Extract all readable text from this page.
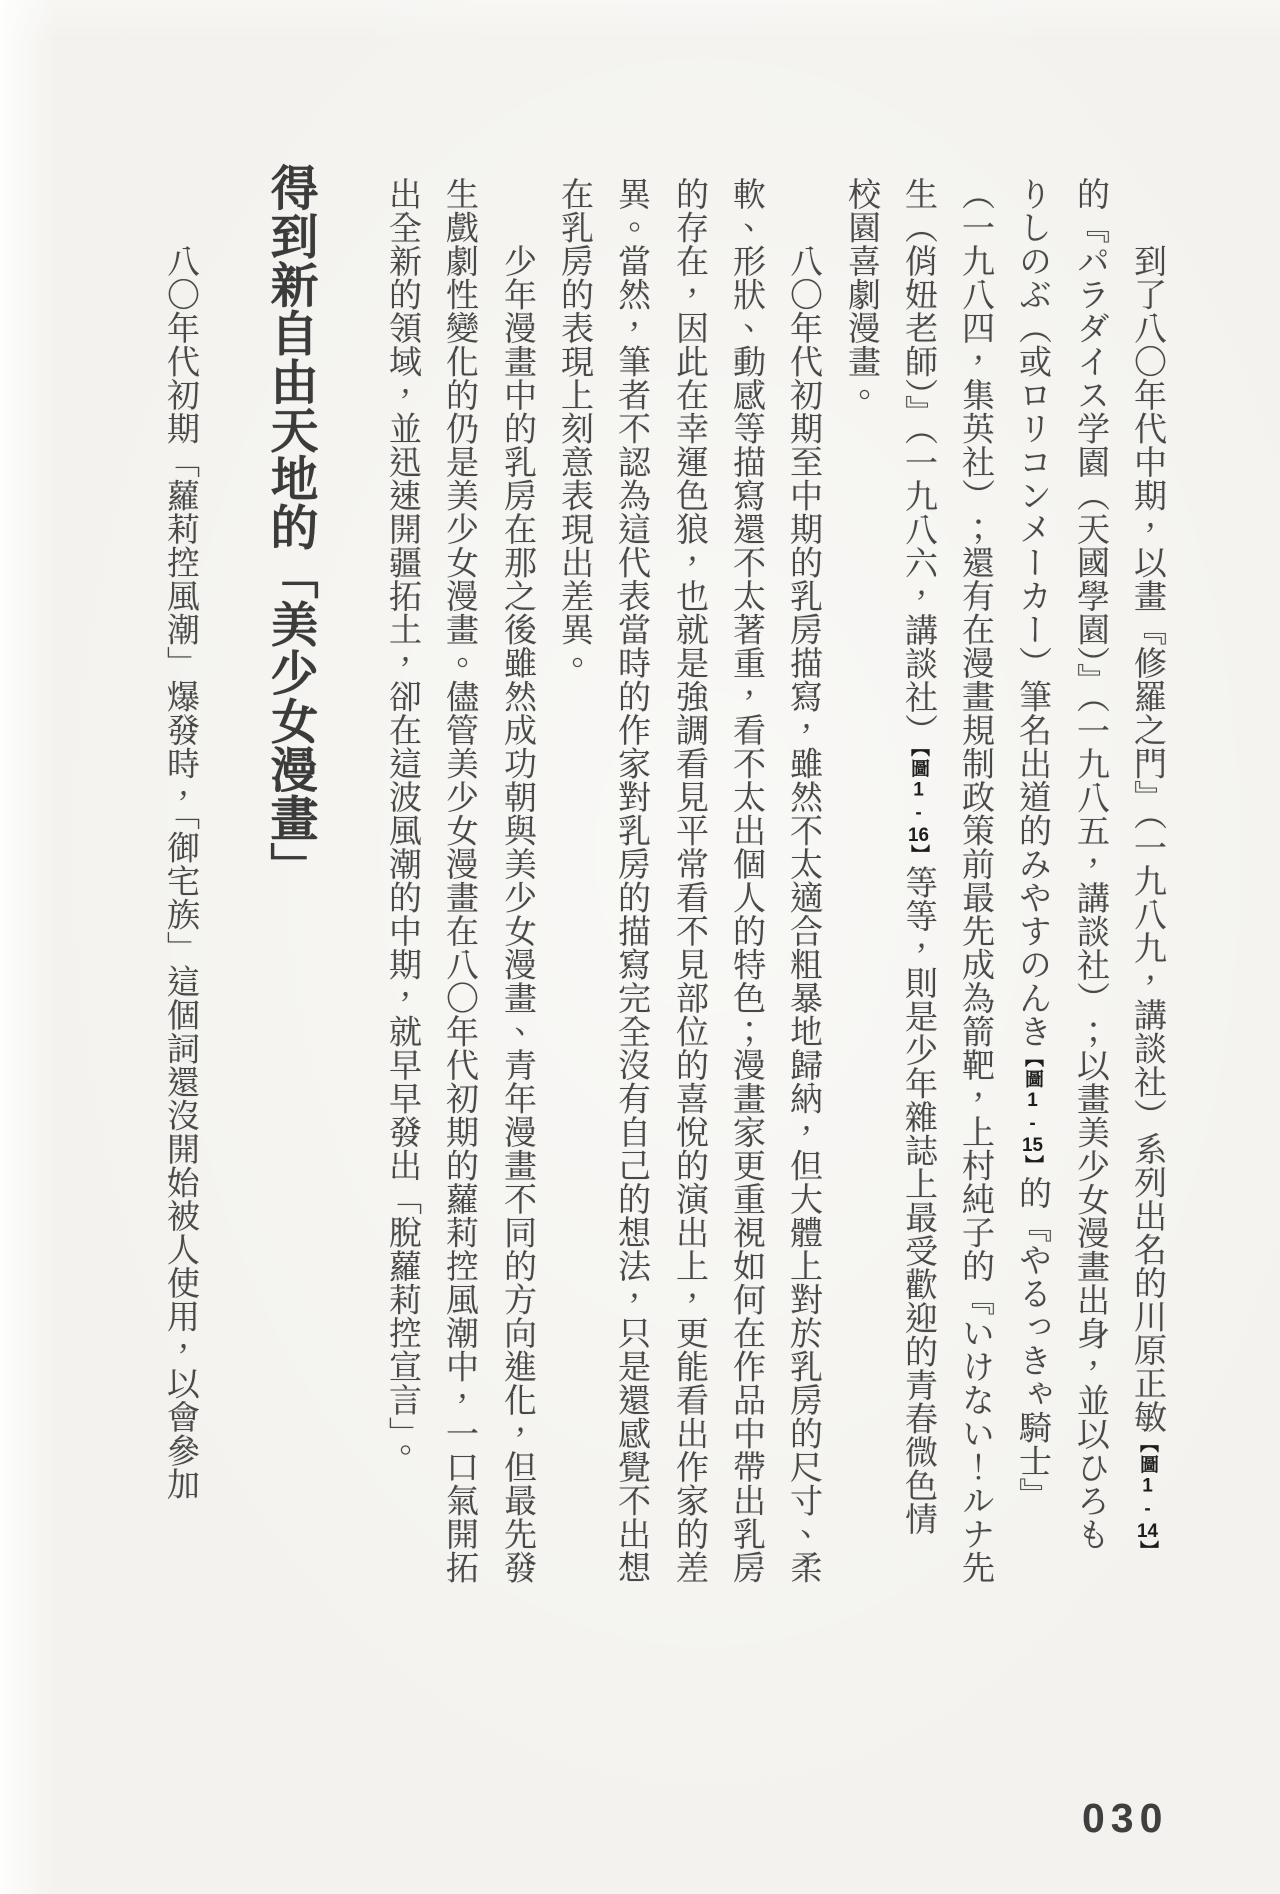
到了八〇年代中期，以畫『修羅之門』（一九八九，講談社）系列出名的川原正敏【圖1-14】
的『パラダイス学園（天國學園）』（一九八五，講談社）；以畫美少女漫畫出身，並以ひろも
りしのぶ（或ロリコンメーカー）筆名出道的みやすのんき【圖1-15】的『やるっきゃ騎士』
（一九八四，集英社）；還有在漫畫規制政策前最先成為箭靶，上村純子的『いけない！ルナ先
生（俏妞老師）』（一九八六，講談社）【圖1-16】等等，則是少年雜誌上最受歡迎的青春微色情
校園喜劇漫畫。
八〇年代初期至中期的乳房描寫，雖然不太適合粗暴地歸納，但大體上對於乳房的尺寸、柔
軟、形狀、動感等描寫還不太著重，看不太出個人的特色；漫畫家更重視如何在作品中帶出乳房
的存在，因此在幸運色狼，也就是強調看見平常看不見部位的喜悅的演出上，更能看出作家的差
異。當然，筆者不認為這代表當時的作家對乳房的描寫完全沒有自己的想法，只是還感覺不出想
在乳房的表現上刻意表現出差異。
少年漫畫中的乳房在那之後雖然成功朝與美少女漫畫、青年漫畫不同的方向進化，但最先發
生戲劇性變化的仍是美少女漫畫。儘管美少女漫畫在八〇年代初期的蘿莉控風潮中，一口氣開拓
出全新的領域，並迅速開疆拓土，卻在這波風潮的中期，就早早發出「脫蘿莉控宣言」。
得到新自由天地的「美少女漫畫」
八〇年代初期「蘿莉控風潮」爆發時，「御宅族」這個詞還沒開始被人使用，以會參加
030
